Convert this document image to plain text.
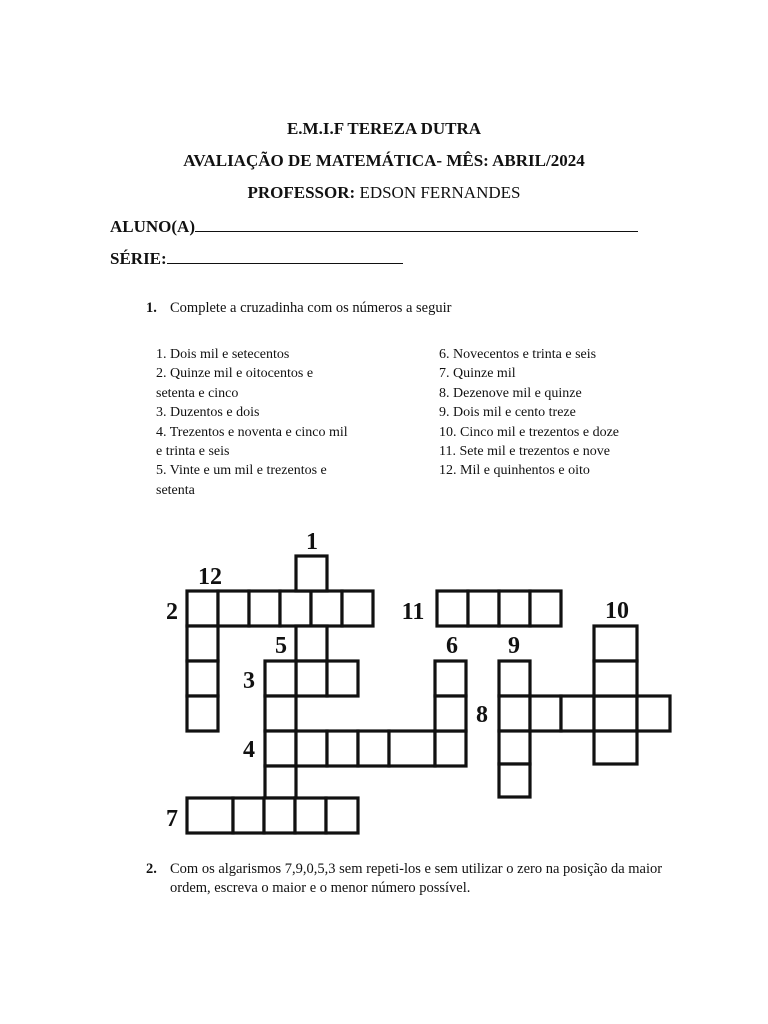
E.M.I.F TEREZA DUTRA
AVALIAÇÃO DE MATEMÁTICA- MÊS: ABRIL/2024
PROFESSOR: EDSON FERNANDES
ALUNO(A)
SÉRIE:
1. Complete a cruzadinha com os números a seguir
1. Dois mil e setecentos
2. Quinze mil e oitocentos e
setenta e cinco
3. Duzentos e dois
4. Trezentos e noventa e cinco mil
e trinta e seis
5. Vinte e um mil e trezentos e
setenta
6. Novecentos e trinta e seis
7. Quinze mil
8. Dezenove mil e quinze
9. Dois mil e cento treze
10. Cinco mil e trezentos e doze
11. Sete mil e trezentos e nove
12. Mil e quinhentos e oito
1
12
2	11	10
5	6 9
3
8
4
7
2. Com os algarismos 7,9,0,5,3 sem repeti-los e sem utilizar o zero na posição da maior ordem, escreva o maior e o menor número possível.
